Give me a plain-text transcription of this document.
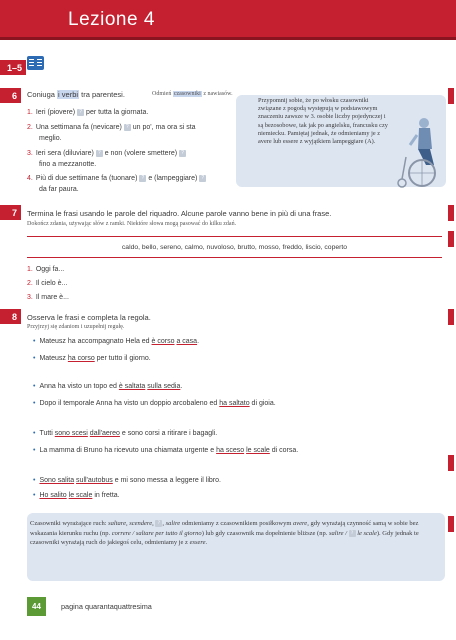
Lezione 4
1–5
6
7
8
Coniuga i verbi tra parentesi.	Odmień czasowniki z nawiasów.
1. Ieri (piovere) ? per tutta la giornata.
2. Una settimana fa (nevicare) ? un po', ma ora si sta
meglio.
3. Ieri sera (diluviare) ? e non (volere smettere) ?
fino a mezzanotte.
4. Più di due settimane fa (tuonare) ? e (lampeggiare) ?
da far paura.
Przypomnij sobie, że po włosku czasowniki związane z pogodą występują w podstawowym znaczeniu zawsze w 3. osobie liczby pojedynczej i są bezosobowe, tak jak po angielsku, francusku czy niemiecku. Pamiętaj jednak, że odmieniamy je z avere lub essere z wyjątkiem lampeggiare (A).
Termina le frasi usando le parole del riquadro. Alcune parole vanno bene in più di una frase.
Dokończ zdania, używając słów z ramki. Niektóre słowa mogą pasować do kilku zdań.
caldo, bello, sereno, calmo, nuvoloso, brutto, mosso, freddo, liscio, coperto
1. Oggi fa...
2. Il cielo è...
3. Il mare è...
Osserva le frasi e completa la regola.
Przyjrzyj się zdaniom i uzupełnij regułę.
• Mateusz ha accompagnato Hela ed è corso a casa.
• Mateusz ha corso per tutto il giorno.
• Anna ha visto un topo ed è saltata sulla sedia.
• Dopo il temporale Anna ha visto un doppio arcobaleno ed ha saltato di gioia.
• Tutti sono scesi dall'aereo e sono corsi a ritirare i bagagli.
• La mamma di Bruno ha ricevuto una chiamata urgente e ha sceso le scale di corsa.
• Sono salita sull'autobus e mi sono messa a leggere il libro.
• Ho salito le scale in fretta.
Czasowniki wyrażające ruch: saltare, scendere, ? , salire odmieniamy z czasownikiem posiłkowym avere, gdy wyrażają czynność samą w sobie bez wskazania kierunku ruchu (np. correre / saltare per tutto il giorno) lub gdy czasownik ma dopełnienie bliższe (np. salire / ? le scale). Gdy jednak te czasowniki wyrażają ruch do jakiegoś celu, odmieniamy je z essere.
44	pagina quarantaquattresima
